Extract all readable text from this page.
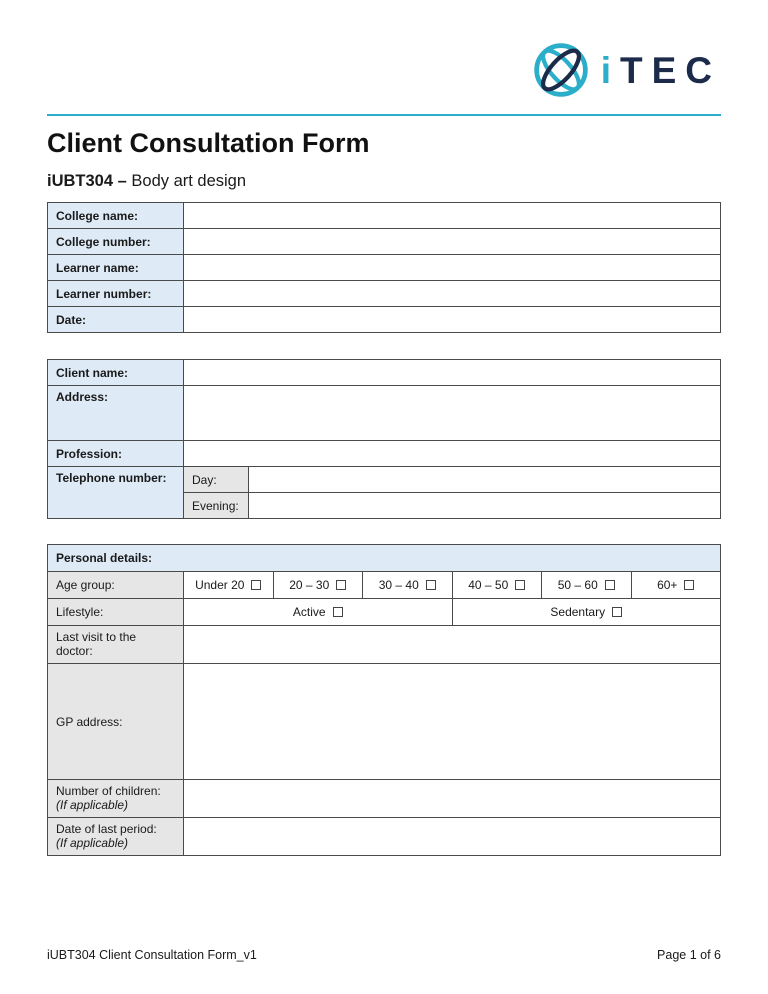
iTEC
Client Consultation Form

iUBT304 – Body art design

College name:	
College number:	
Learner name:	
Learner number:	
Date:	
Client name:		
Address:		
Profession:		
Telephone number:	Day:	
	Evening:	
Personal details:						
Age group:	Under 20	20 – 30	30 – 40	40 – 50	50 – 60	60+
Lifestyle:	Active			Sedentary		
Last visit to the doctor:						
GP address:						
Number of children:
(If applicable)						

Date of last period:
(If applicable)						

iUBT304 Client Consultation Form_v1	Page 1 of 6
